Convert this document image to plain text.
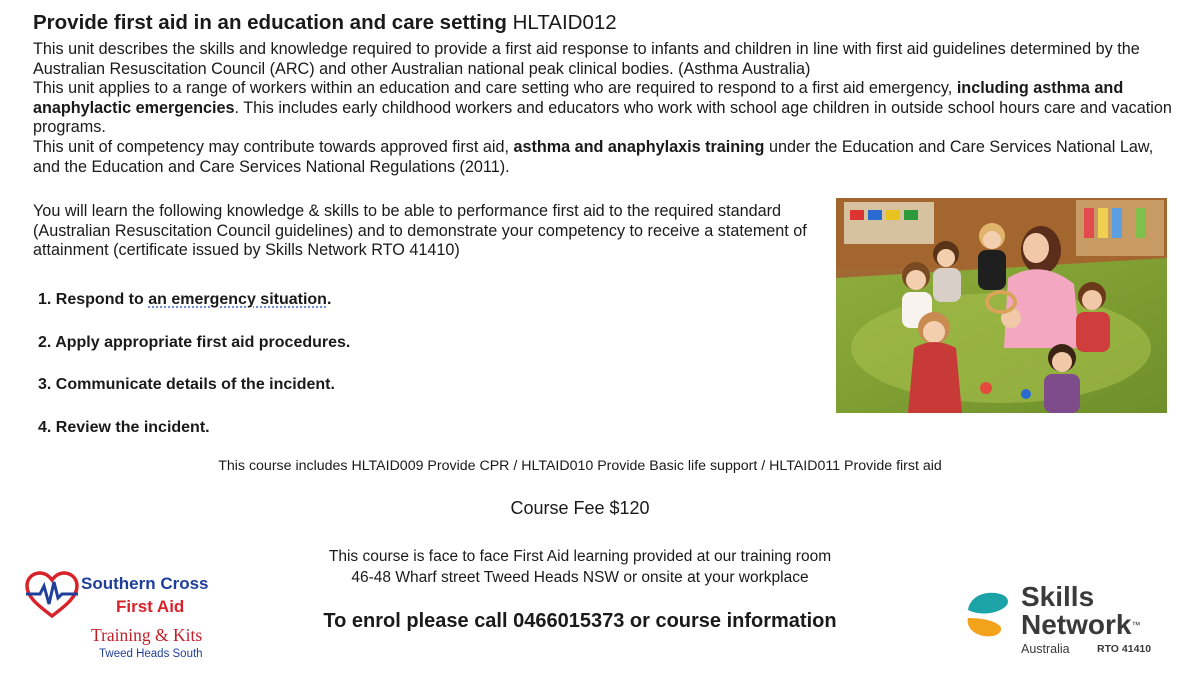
Provide first aid in an education and care setting HLTAID012

This unit describes the skills and knowledge required to provide a first aid response to infants and children in line with first aid guidelines determined by the Australian Resuscitation Council (ARC) and other Australian national peak clinical bodies. (Asthma Australia)

This unit applies to a range of workers within an education and care setting who are required to respond to a first aid emergency, including asthma and anaphylactic emergencies. This includes early childhood workers and educators who work with school age children in outside school hours care and vacation programs.

This unit of competency may contribute towards approved first aid, asthma and anaphylaxis training under the Education and Care Services National Law, and the Education and Care Services National Regulations (2011).

You will learn the following knowledge & skills to be able to performance first aid to the required standard (Australian Resuscitation Council guidelines) and to demonstrate your competency to receive a statement of attainment (certificate issued by Skills Network RTO 41410)
1. Respond to an emergency situation.
2. Apply appropriate first aid procedures.
3. Communicate details of the incident.
4. Review the incident.
This course includes HLTAID009 Provide CPR / HLTAID010 Provide Basic life support / HLTAID011 Provide first aid
Course Fee $120
This course is face to face First Aid learning provided at our training room
46-48 Wharf street Tweed Heads NSW or onsite at your workplace
To enrol please call 0466015373 or course information
Southern Cross
First Aid
Training & Kits
Tweed Heads South
Skills
Network™
Australia	RTO 41410
